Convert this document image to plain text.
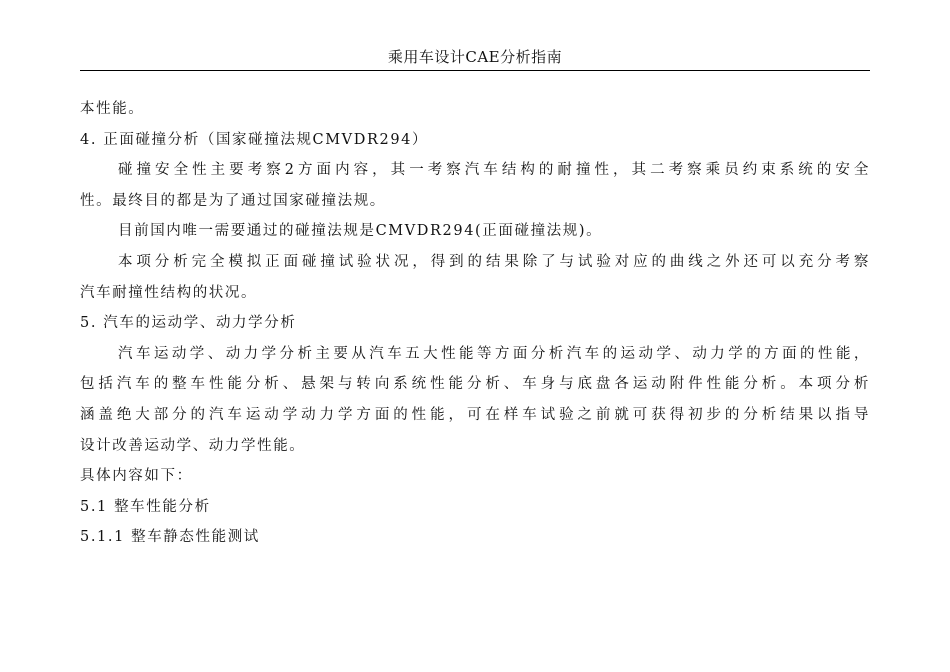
乘用车设计CAE分析指南
本性能。
4. 正面碰撞分析（国家碰撞法规CMVDR294）
碰撞安全性主要考察2方面内容，其一考察汽车结构的耐撞性，其二考察乘员约束系统的安全
性。最终目的都是为了通过国家碰撞法规。
目前国内唯一需要通过的碰撞法规是CMVDR294(正面碰撞法规)。
本项分析完全模拟正面碰撞试验状况，得到的结果除了与试验对应的曲线之外还可以充分考察
汽车耐撞性结构的状况。
5. 汽车的运动学、动力学分析
汽车运动学、动力学分析主要从汽车五大性能等方面分析汽车的运动学、动力学的方面的性能，
包括汽车的整车性能分析、悬架与转向系统性能分析、车身与底盘各运动附件性能分析。本项分析
涵盖绝大部分的汽车运动学动力学方面的性能，可在样车试验之前就可获得初步的分析结果以指导
设计改善运动学、动力学性能。
具体内容如下：
5.1 整车性能分析
5.1.1 整车静态性能测试
